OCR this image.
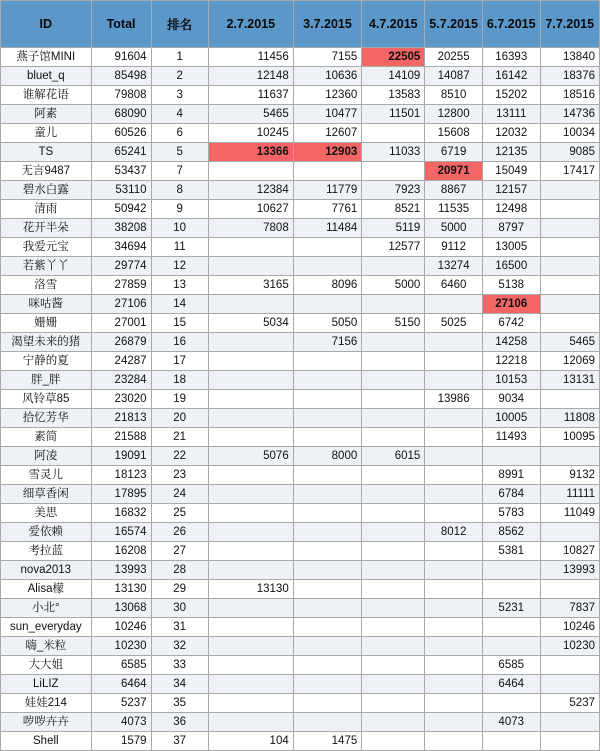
ID	Total	排名	2.7.2015	3.7.2015	4.7.2015	5.7.2015	6.7.2015	7.7.2015
燕子馆MINI	91604	1	11456	7155	22505	20255	16393	13840
bluet_q	85498	2	12148	10636	14109	14087	16142	18376
谁解花语	79808	3	11637	12360	13583	8510	15202	18516
阿素	68090	4	5465	10477	11501	12800	13111	14736
童儿	60526	6	10245	12607		15608	12032	10034
TS	65241	5	13366	12903	11033	6719	12135	9085
无言9487	53437	7				20971	15049	17417
碧水白露	53110	8	12384	11779	7923	8867	12157	
清雨	50942	9	10627	7761	8521	11535	12498	
花开半朵	38208	10	7808	11484	5119	5000	8797	
我爱元宝	34694	11			12577	9112	13005	
若紫丫丫	29774	12				13274	16500	
洛雪	27859	13	3165	8096	5000	6460	5138	
咪咕酱	27106	14					27106	
姗姗	27001	15	5034	5050	5150	5025	6742	
渴望未来的猪	26879	16		7156			14258	5465
宁静的夏	24287	17					12218	12069
胖_胖	23284	18					10153	13131
风铃草85	23020	19				13986	9034	
拾忆芳华	21813	20					10005	11808
素简	21588	21					11493	10095
阿凌	19091	22	5076	8000	6015			
雪灵儿	18123	23					8991	9132
细草香闲	17895	24					6784	11111
美思	16832	25					5783	11049
爱依赖	16574	26				8012	8562	
考拉蓝	16208	27					5381	10827
nova2013	13993	28						13993
Alisa檬	13130	29	13130					
小北°	13068	30					5231	7837
sun_everyday	10246	31						10246
嗨_米粒	10230	32						10230
大大姐	6585	33					6585	
LiLIZ	6464	34					6464	
娃娃214	5237	35						5237
哕哕卉卉	4073	36					4073	
Shell	1579	37	104	1475				
